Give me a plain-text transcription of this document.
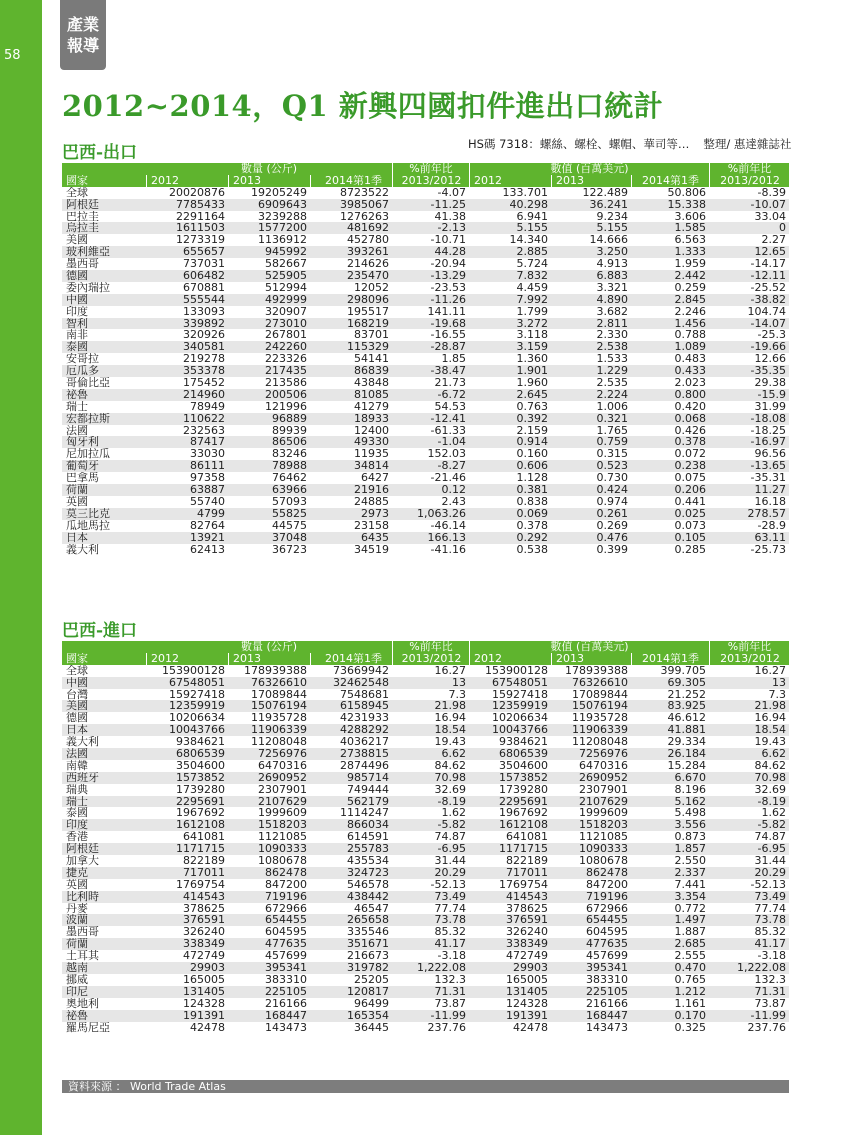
58
產業
報導
2012~2014，Q1 新興四國扣件進出口統計
HS碼 7318：螺絲、螺栓、螺帽、華司等… 整理/ 惠達雜誌社
巴西-出口
數量 (公斤)	%前年比	數值 (百萬美元)	%前年比
國家	2012	2013	2014第1季	2013/2012	2012	2013	2014第1季	2013/2012
全球	20020876	19205249	8723522	-4.07	133.701	122.489	50.806	-8.39
阿根廷	7785433	6909643	3985067	-11.25	40.298	36.241	15.338	-10.07
巴拉圭	2291164	3239288	1276263	41.38	6.941	9.234	3.606	33.04
烏拉圭	1611503	1577200	481692	-2.13	5.155	5.155	1.585	0
美國	1273319	1136912	452780	-10.71	14.340	14.666	6.563	2.27
玻利維亞	655657	945992	393261	44.28	2.885	3.250	1.333	12.65
墨西哥	737031	582667	214626	-20.94	5.724	4.913	1.959	-14.17
德國	606482	525905	235470	-13.29	7.832	6.883	2.442	-12.11
委內瑞拉	670881	512994	12052	-23.53	4.459	3.321	0.259	-25.52
中國	555544	492999	298096	-11.26	7.992	4.890	2.845	-38.82
印度	133093	320907	195517	141.11	1.799	3.682	2.246	104.74
智利	339892	273010	168219	-19.68	3.272	2.811	1.456	-14.07
南非	320926	267801	83701	-16.55	3.118	2.330	0.788	-25.3
泰國	340581	242260	115329	-28.87	3.159	2.538	1.089	-19.66
安哥拉	219278	223326	54141	1.85	1.360	1.533	0.483	12.66
厄瓜多	353378	217435	86839	-38.47	1.901	1.229	0.433	-35.35
哥倫比亞	175452	213586	43848	21.73	1.960	2.535	2.023	29.38
祕魯	214960	200506	81085	-6.72	2.645	2.224	0.800	-15.9
瑞士	78949	121996	41279	54.53	0.763	1.006	0.420	31.99
宏都拉斯	110622	96889	18933	-12.41	0.392	0.321	0.068	-18.08
法國	232563	89939	12400	-61.33	2.159	1.765	0.426	-18.25
匈牙利	87417	86506	49330	-1.04	0.914	0.759	0.378	-16.97
尼加拉瓜	33030	83246	11935	152.03	0.160	0.315	0.072	96.56
葡萄牙	86111	78988	34814	-8.27	0.606	0.523	0.238	-13.65
巴拿馬	97358	76462	6427	-21.46	1.128	0.730	0.075	-35.31
荷蘭	63887	63966	21916	0.12	0.381	0.424	0.206	11.27
英國	55740	57093	24885	2.43	0.838	0.974	0.441	16.18
莫三比克	4799	55825	2973	1,063.26	0.069	0.261	0.025	278.57
瓜地馬拉	82764	44575	23158	-46.14	0.378	0.269	0.073	-28.9
日本	13921	37048	6435	166.13	0.292	0.476	0.105	63.11
義大利	62413	36723	34519	-41.16	0.538	0.399	0.285	-25.73
巴西-進口
數量 (公斤)	%前年比	數值 (百萬美元)	%前年比
國家	2012	2013	2014第1季	2013/2012	2012	2013	2014第1季	2013/2012
全球	153900128	178939388	73669942	16.27	153900128	178939388	399.705	16.27
中國	67548051	76326610	32462548	13	67548051	76326610	69.305	13
台灣	15927418	17089844	7548681	7.3	15927418	17089844	21.252	7.3
美國	12359919	15076194	6158945	21.98	12359919	15076194	83.925	21.98
德國	10206634	11935728	4231933	16.94	10206634	11935728	46.612	16.94
日本	10043766	11906339	4288292	18.54	10043766	11906339	41.881	18.54
義大利	9384621	11208048	4036217	19.43	9384621	11208048	29.334	19.43
法國	6806539	7256976	2738815	6.62	6806539	7256976	26.184	6.62
南韓	3504600	6470316	2874496	84.62	3504600	6470316	15.284	84.62
西班牙	1573852	2690952	985714	70.98	1573852	2690952	6.670	70.98
瑞典	1739280	2307901	749444	32.69	1739280	2307901	8.196	32.69
瑞士	2295691	2107629	562179	-8.19	2295691	2107629	5.162	-8.19
泰國	1967692	1999609	1114247	1.62	1967692	1999609	5.498	1.62
印度	1612108	1518203	866034	-5.82	1612108	1518203	3.556	-5.82
香港	641081	1121085	614591	74.87	641081	1121085	0.873	74.87
阿根廷	1171715	1090333	255783	-6.95	1171715	1090333	1.857	-6.95
加拿大	822189	1080678	435534	31.44	822189	1080678	2.550	31.44
捷克	717011	862478	324723	20.29	717011	862478	2.337	20.29
英國	1769754	847200	546578	-52.13	1769754	847200	7.441	-52.13
比利時	414543	719196	438442	73.49	414543	719196	3.354	73.49
丹麥	378625	672966	46547	77.74	378625	672966	0.772	77.74
波蘭	376591	654455	265658	73.78	376591	654455	1.497	73.78
墨西哥	326240	604595	335546	85.32	326240	604595	1.887	85.32
荷蘭	338349	477635	351671	41.17	338349	477635	2.685	41.17
土耳其	472749	457699	216673	-3.18	472749	457699	2.555	-3.18
越南	29903	395341	319782	1,222.08	29903	395341	0.470	1,222.08
挪威	165005	383310	25205	132.3	165005	383310	0.765	132.3
印尼	131405	225105	120817	71.31	131405	225105	1.212	71.31
奧地利	124328	216166	96499	73.87	124328	216166	1.161	73.87
祕魯	191391	168447	165354	-11.99	191391	168447	0.170	-11.99
羅馬尼亞	42478	143473	36445	237.76	42478	143473	0.325	237.76
資料來源 ： World Trade Atlas
